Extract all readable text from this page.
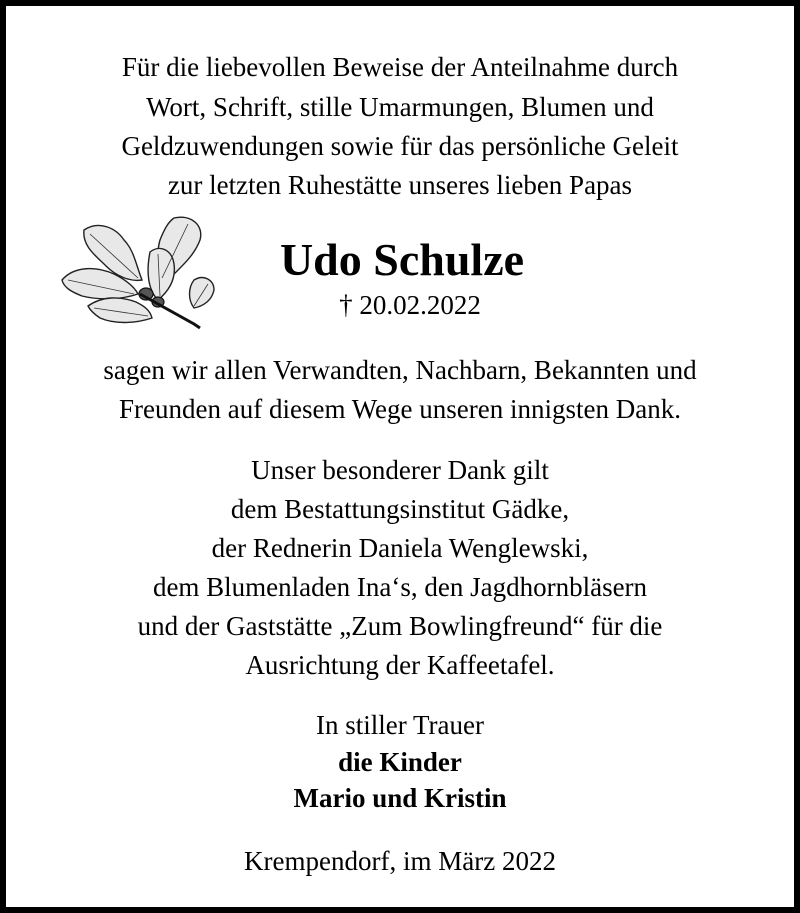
Für die liebevollen Beweise der Anteilnahme durch
Wort, Schrift, stille Umarmungen, Blumen und
Geldzuwendungen sowie für das persönliche Geleit
zur letzten Ruhestätte unseres lieben Papas
Udo Schulze
† 20.02.2022
sagen wir allen Verwandten, Nachbarn, Bekannten und
Freunden auf diesem Wege unseren innigsten Dank.
Unser besonderer Dank gilt
dem Bestattungsinstitut Gädke,
der Rednerin Daniela Wenglewski,
dem Blumenladen Ina‘s, den Jagdhornbläsern
und der Gaststätte „Zum Bowlingfreund“ für die
Ausrichtung der Kaffeetafel.
In stiller Trauer
die Kinder
Mario und Kristin
Krempendorf, im März 2022
